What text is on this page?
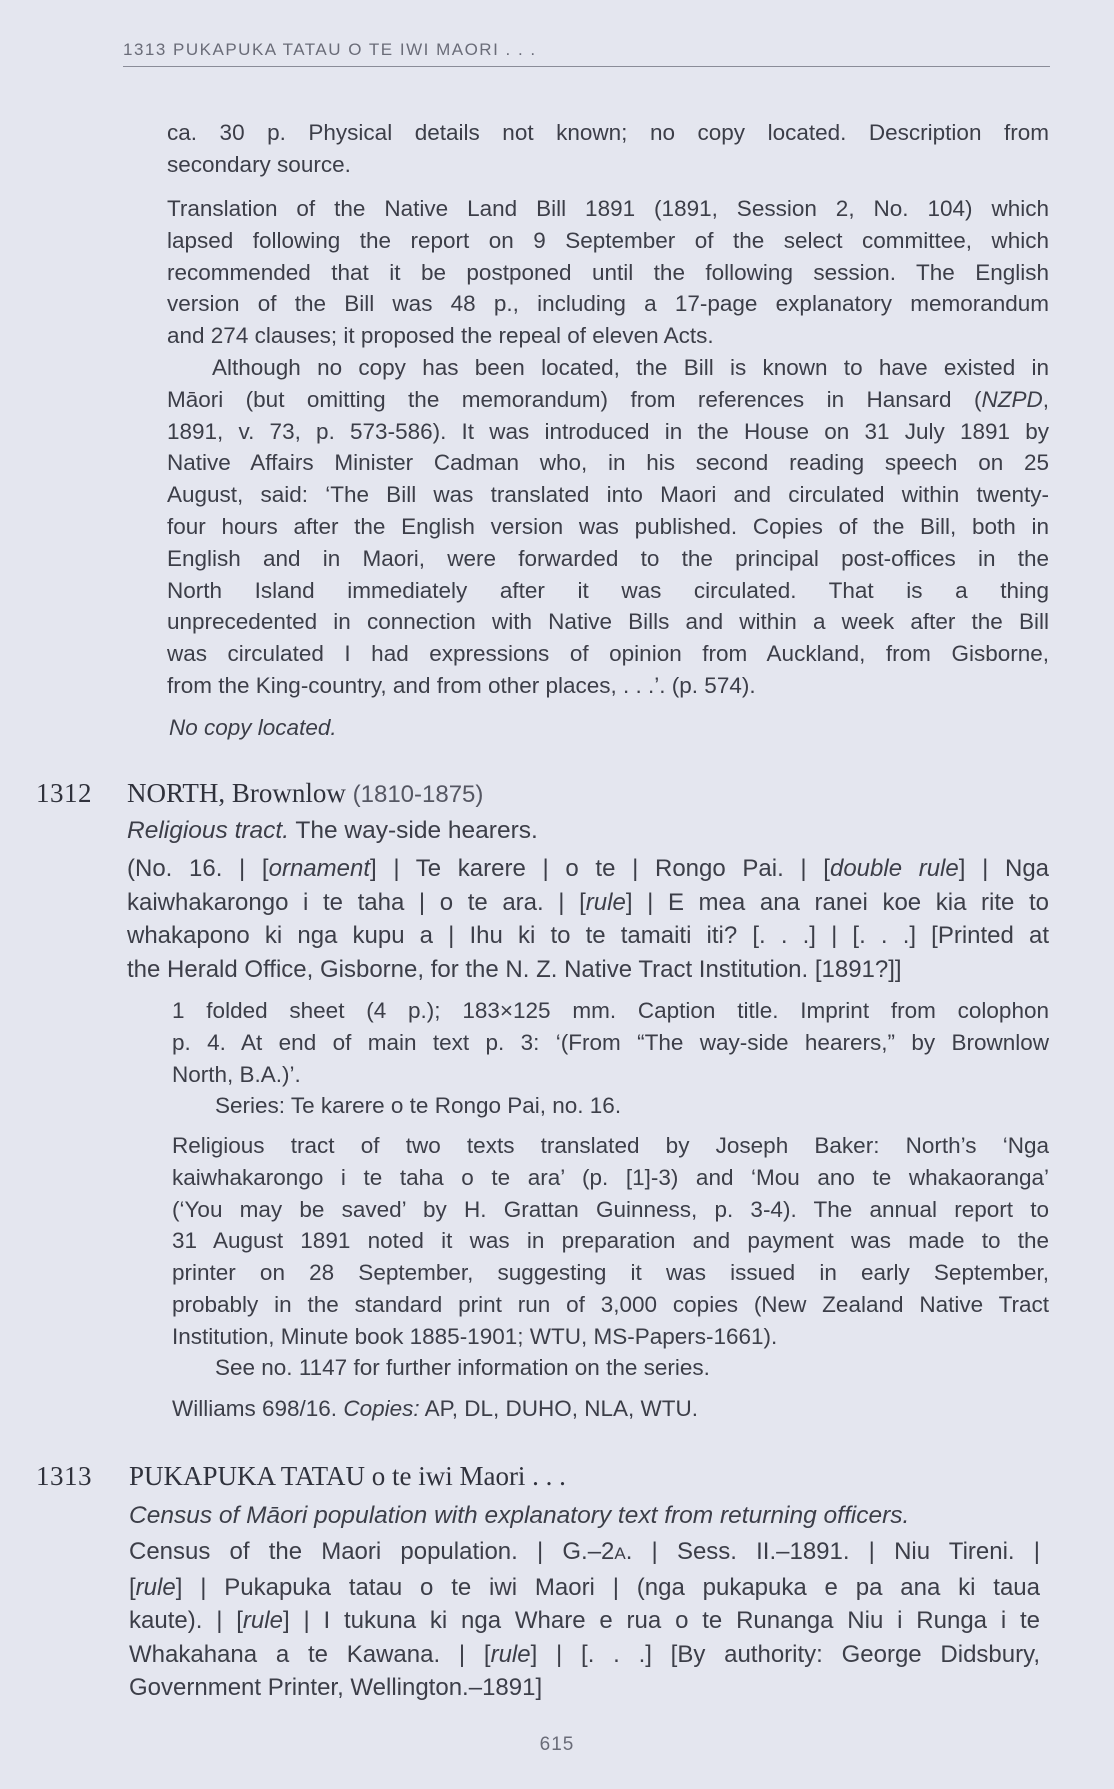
1313 PUKAPUKA TATAU O TE IWI MAORI . . .
ca. 30 p. Physical details not known; no copy located. Description from
secondary source.
Translation of the Native Land Bill 1891 (1891, Session 2, No. 104) which
lapsed following the report on 9 September of the select committee, which
recommended that it be postponed until the following session. The English
version of the Bill was 48 p., including a 17-page explanatory memorandum
and 274 clauses; it proposed the repeal of eleven Acts.
Although no copy has been located, the Bill is known to have existed in
Māori (but omitting the memorandum) from references in Hansard (NZPD,
1891, v. 73, p. 573-586). It was introduced in the House on 31 July 1891 by
Native Affairs Minister Cadman who, in his second reading speech on 25
August, said: ‘The Bill was translated into Maori and circulated within twenty-
four hours after the English version was published. Copies of the Bill, both in
English and in Maori, were forwarded to the principal post-offices in the
North Island immediately after it was circulated. That is a thing
unprecedented in connection with Native Bills and within a week after the Bill
was circulated I had expressions of opinion from Auckland, from Gisborne,
from the King-country, and from other places, . . .’. (p. 574).
No copy located.
1312 NORTH, Brownlow (1810-1875)
Religious tract. The way-side hearers.
(No. 16. | [ornament] | Te karere | o te | Rongo Pai. | [double rule] | Nga
kaiwhakarongo i te taha | o te ara. | [rule] | E mea ana ranei koe kia rite to
whakapono ki nga kupu a | Ihu ki to te tamaiti iti? [. . .] | [. . .] [Printed at
the Herald Office, Gisborne, for the N. Z. Native Tract Institution. [1891?]]
1 folded sheet (4 p.); 183×125 mm. Caption title. Imprint from colophon
p. 4. At end of main text p. 3: ‘(From “The way-side hearers,” by Brownlow
North, B.A.)’.
Series: Te karere o te Rongo Pai, no. 16.
Religious tract of two texts translated by Joseph Baker: North’s ‘Nga
kaiwhakarongo i te taha o te ara’ (p. [1]-3) and ‘Mou ano te whakaoranga’
(‘You may be saved’ by H. Grattan Guinness, p. 3-4). The annual report to
31 August 1891 noted it was in preparation and payment was made to the
printer on 28 September, suggesting it was issued in early September,
probably in the standard print run of 3,000 copies (New Zealand Native Tract
Institution, Minute book 1885-1901; WTU, MS-Papers-1661).
See no. 1147 for further information on the series.
Williams 698/16. Copies: AP, DL, DUHO, NLA, WTU.
1313 PUKAPUKA TATAU o te iwi Maori . . .
Census of Māori population with explanatory text from returning officers.
Census of the Maori population. | G.–2A. | Sess. II.–1891. | Niu Tireni. |
[rule] | Pukapuka tatau o te iwi Maori | (nga pukapuka e pa ana ki taua
kaute). | [rule] | I tukuna ki nga Whare e rua o te Runanga Niu i Runga i te
Whakahana a te Kawana. | [rule] | [. . .] [By authority: George Didsbury,
Government Printer, Wellington.–1891]
615
